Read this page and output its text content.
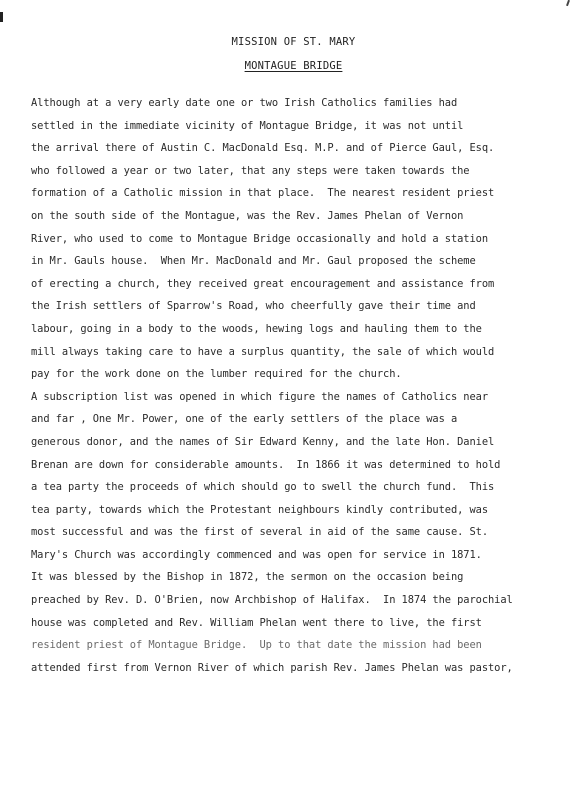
MISSION OF ST. MARY
MONTAGUE BRIDGE
Although at a very early date one or two Irish Catholics families had
settled in the immediate vicinity of Montague Bridge, it was not until
the arrival there of Austin C. MacDonald Esq. M.P. and of Pierce Gaul, Esq.
who followed a year or two later, that any steps were taken towards the
formation of a Catholic mission in that place.  The nearest resident priest
on the south side of the Montague, was the Rev. James Phelan of Vernon
River, who used to come to Montague Bridge occasionally and hold a station
in Mr. Gauls house.  When Mr. MacDonald and Mr. Gaul proposed the scheme
of erecting a church, they received great encouragement and assistance from
the Irish settlers of Sparrow's Road, who cheerfully gave their time and
labour, going in a body to the woods, hewing logs and hauling them to the
mill always taking care to have a surplus quantity, the sale of which would
pay for the work done on the lumber required for the church.
A subscription list was opened in which figure the names of Catholics near
and far , One Mr. Power, one of the early settlers of the place was a
generous donor, and the names of Sir Edward Kenny, and the late Hon. Daniel
Brenan are down for considerable amounts.  In 1866 it was determined to hold
a tea party the proceeds of which should go to swell the church fund.  This
tea party, towards which the Protestant neighbours kindly contributed, was
most successful and was the first of several in aid of the same cause. St.
Mary's Church was accordingly commenced and was open for service in 1871.
It was blessed by the Bishop in 1872, the sermon on the occasion being
preached by Rev. D. O'Brien, now Archbishop of Halifax.  In 1874 the parochial
house was completed and Rev. William Phelan went there to live, the first
resident priest of Montague Bridge.  Up to that date the mission had been
attended first from Vernon River of which parish Rev. James Phelan was pastor,
